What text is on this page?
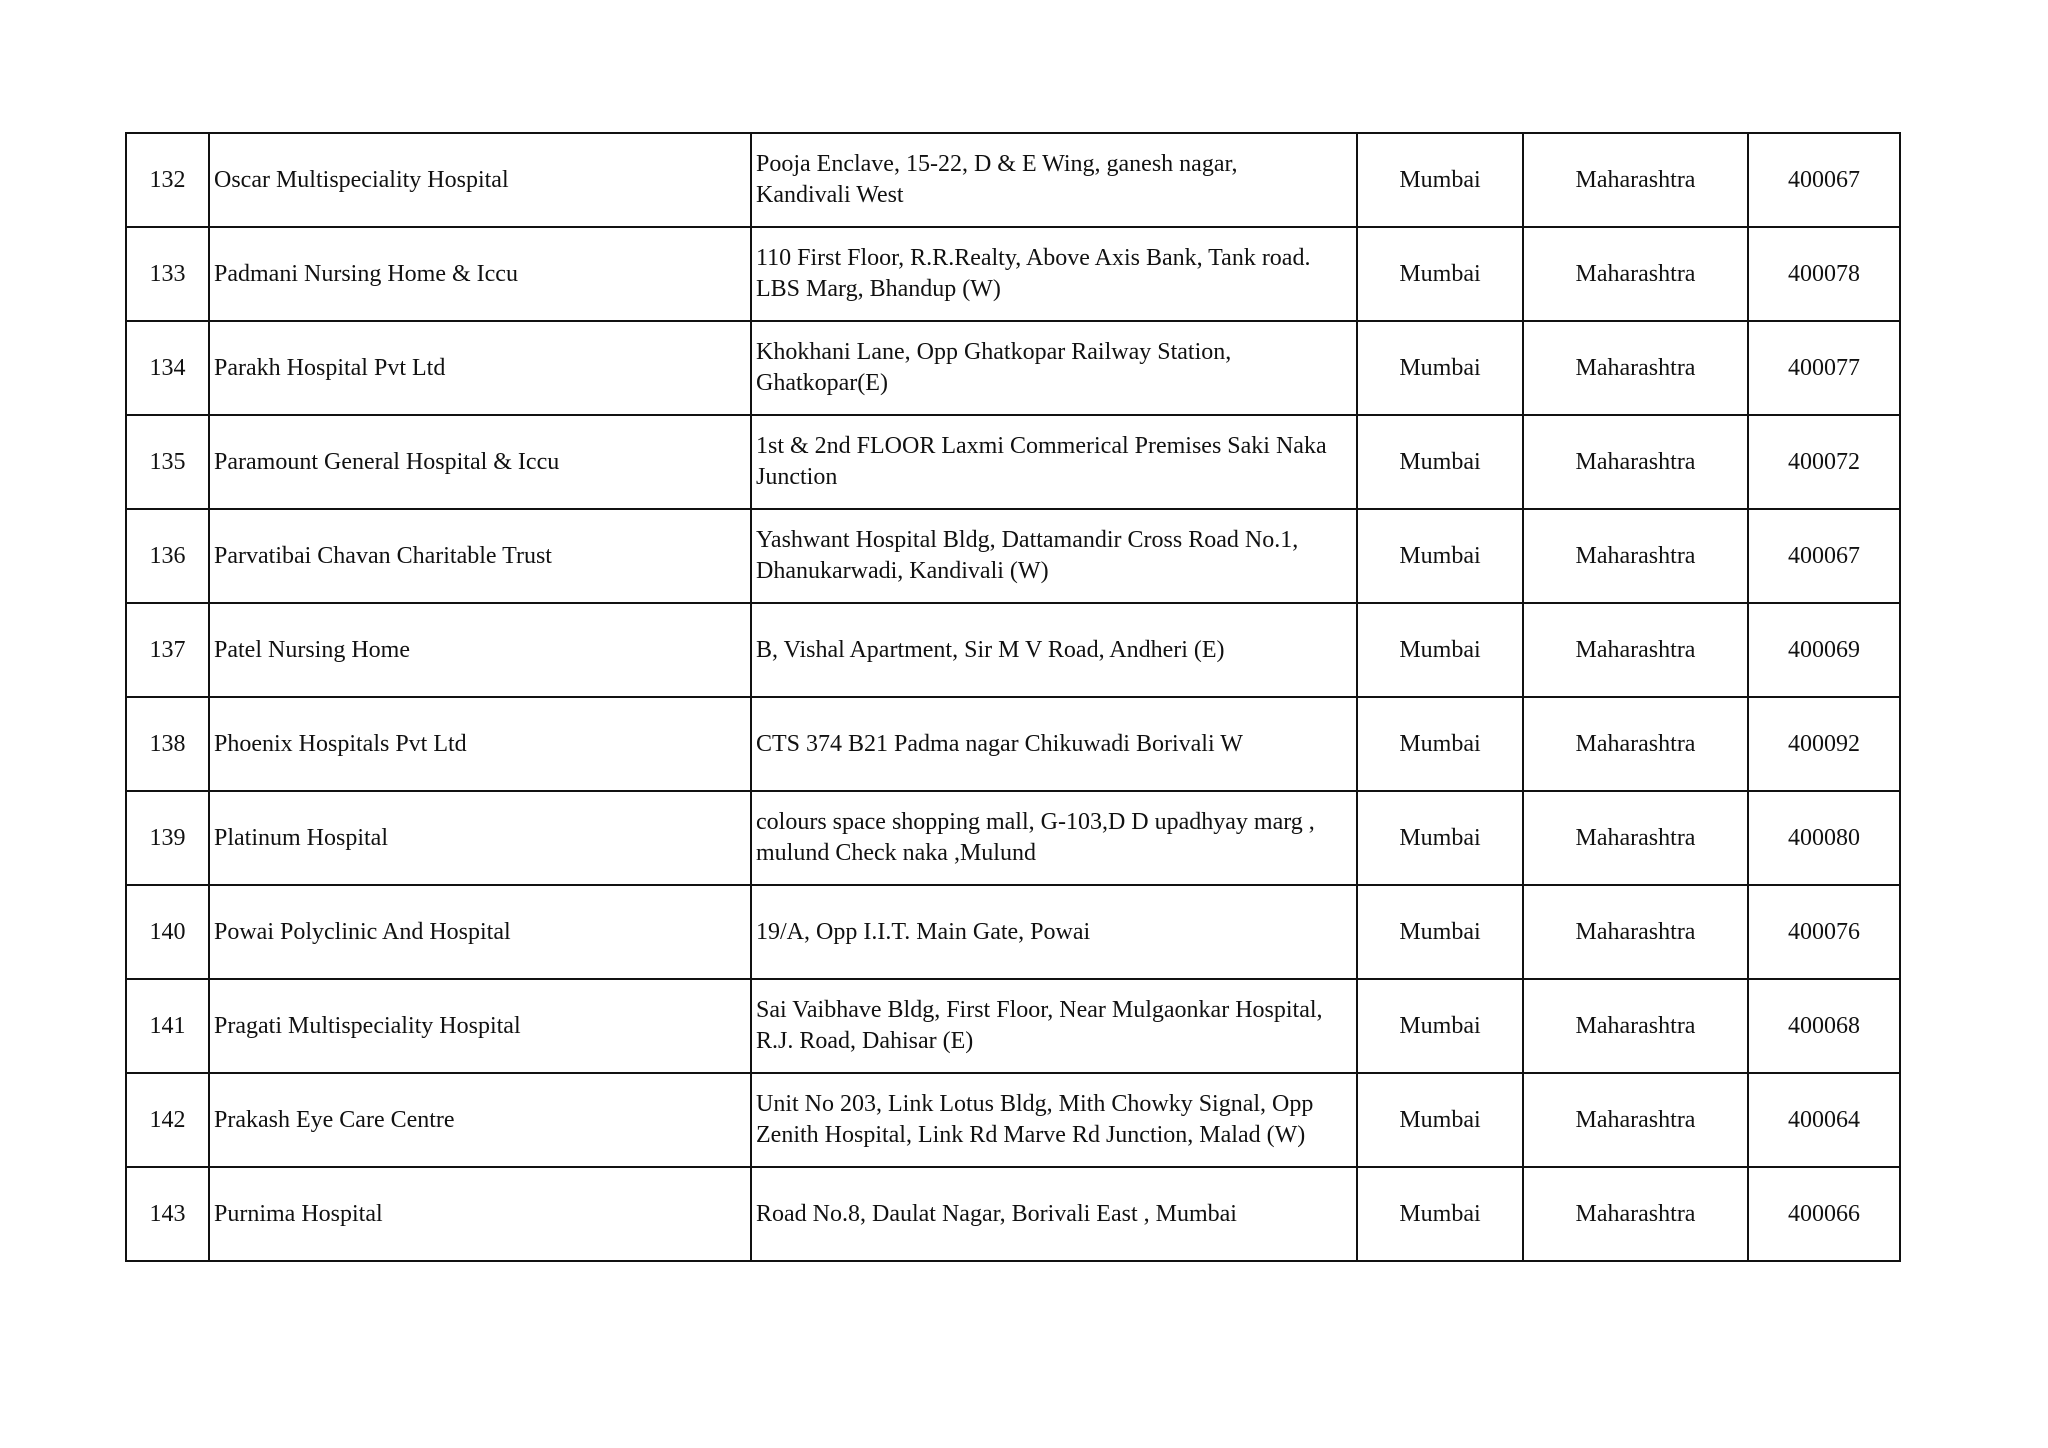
132	Oscar Multispeciality Hospital	Pooja Enclave, 15-22, D & E Wing, ganesh nagar,
Kandivali West	Mumbai	Maharashtra	400067
133	Padmani Nursing Home & Iccu	110 First Floor, R.R.Realty, Above Axis Bank, Tank road.
LBS Marg, Bhandup (W)	Mumbai	Maharashtra	400078
134	Parakh Hospital Pvt Ltd	Khokhani Lane, Opp Ghatkopar Railway Station,
Ghatkopar(E)	Mumbai	Maharashtra	400077
135	Paramount General Hospital & Iccu	1st & 2nd FLOOR Laxmi Commerical Premises Saki Naka
Junction	Mumbai	Maharashtra	400072
136	Parvatibai Chavan Charitable Trust	Yashwant Hospital Bldg, Dattamandir Cross Road No.1,
Dhanukarwadi, Kandivali (W)	Mumbai	Maharashtra	400067
137	Patel Nursing Home	B, Vishal Apartment, Sir M V Road, Andheri (E)	Mumbai	Maharashtra	400069
138	Phoenix Hospitals Pvt Ltd	CTS 374 B21 Padma nagar Chikuwadi Borivali W	Mumbai	Maharashtra	400092
139	Platinum Hospital	colours space shopping mall, G-103,D D upadhyay marg ,
mulund Check naka ,Mulund	Mumbai	Maharashtra	400080
140	Powai Polyclinic And Hospital	19/A, Opp I.I.T. Main Gate, Powai	Mumbai	Maharashtra	400076
141	Pragati Multispeciality Hospital	Sai Vaibhave Bldg, First Floor, Near Mulgaonkar Hospital,
R.J. Road, Dahisar (E)	Mumbai	Maharashtra	400068
142	Prakash Eye Care Centre	Unit No 203, Link Lotus Bldg, Mith Chowky Signal, Opp
Zenith Hospital, Link Rd Marve Rd Junction, Malad (W)	Mumbai	Maharashtra	400064
143	Purnima Hospital	Road No.8, Daulat Nagar, Borivali East , Mumbai	Mumbai	Maharashtra	400066
